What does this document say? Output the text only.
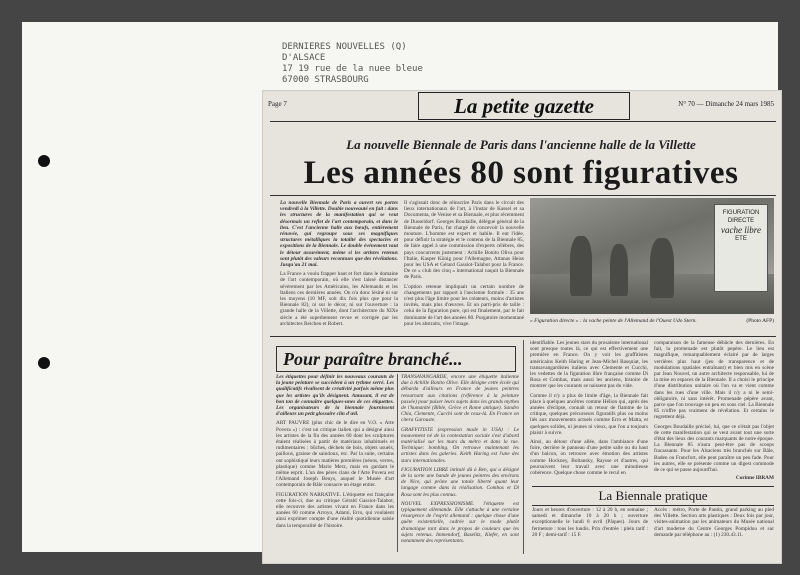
DERNIERES NOUVELLES (Q)
D'ALSACE
17 19 rue de la nuee bleue
67000 STRASBOURG
Page 7	N° 70 — Dimanche 24 mars 1985
La petite gazette
La nouvelle Biennale de Paris dans l'ancienne halle de la Villette
Les années 80 sont figuratives

La nouvelle Biennale de Paris a ouvert ses portes vendredi à la Villette. Double nouveauté en fait : dans les structures de la manifestation qui se veut désormais un reflet de l'art contemporain, et dans le lieu. C'est l'ancienne halle aux bœufs, entièrement rénovée, qui regroupe sous ses magnifiques structures métalliques la totalité des spectacles et expositions de la Biennale. Le double événement vaut le détour assurément, même si les artistes retenus sont plutôt des valeurs reconnues que des révélations. Jusqu'au 21 mai.

La France a voulu frapper haut et fort dans le domaine de l'art contemporain, où elle s'est laissé distancer sévèrement par les Américains, les Allemands et les Italiens ces dernières années. On n'a donc lésiné ni sur les moyens (10 MF, soit dix fois plus que pour la Biennale 82), ni sur le décor, ni sur l'ouverture : la grande halle de la Villette, dont l'architecture du XIXe siècle a été superbement revue et corrigée par les architectes Reichen et Robert.

Il s'agissait donc de réinscrire Paris dans le circuit des lieux internationaux de l'art, à l'instar de Kassel et sa Documenta, de Venise et sa Biennale, et plus récemment de Dusseldorf. Georges Boudaille, délégué général de la Biennale de Paris, fut chargé de concevoir la nouvelle mouture. L'homme est expert et habile. Il eut l'idée, pour définir la stratégie et le contenu de la Biennale 85, de faire appel à une commission d'experts célèbres, des pays concurrents justement : Achille Bonito Oliva pour l'Italie, Kasper König pour l'Allemagne, Attanas Heiss pour les USA et Gérard Gassiot-Talabot pour la France. De ce « club des cinq » international naquit la Biennale de Paris.

L'option retenue impliquait un certain nombre de changements par rapport à l'ancienne formule : 35 ans n'est plus l'âge limite pour les créateurs, moins d'artistes invités, mais plus d'œuvres. Et un parti-pris de taille : celui de la figuration pure, qui est finalement, par le fait dominante de l'art des années 80. Purgatoire momentané pour les abstraits, vive l'image.

FIGURATION DIRECTE
vache libre
ETE
« Figuration directe » : la vache peinte de l'Allemand de l'Ouest Udo Stern.	(Photo AFP)
Pour paraître branché...

Les étiquettes pour définir les nouveaux courants de la jeune peinture se succèdent à un rythme serré. Les qualificatifs rivalisent de créativité parfois même plus que les artistes qu'ils désignent. Amusant, il est de bon ton de connaître quelques-unes de ces étiquettes. Les organisateurs de la biennale fournissent d'ailleurs un petit glossaire clin d'œil.

ART PAUVRE (plus chic de le dire en V.O. « Arte Povera ») : c'est un critique italien qui a désigné ainsi les artistes de la fin des années 60 dont les sculptures étaient réalisées à partir de matériaux inhabituels et rudimentaires : bûches, déchets de bois, objets usuels, paillous, graisse de saindoux, etc. Par la suite, certains ont sophistiqué leurs matières premières (néons, verres, plastique) comme Mario Merz, mais en gardant le même esprit. L'un des pères clans de l'Arte Povera est l'Allemand Joseph Beuys, auquel le Musée d'art contemporain de Bâle consacre un étage entier.

FIGURATION NARRATIVE. L'étiquette est française cette fois-ci, due au critique Gérald Gassiot-Talabot, elle recouvre des artistes vivant en France dans les années 60 comme Arroyo, Adami, Erro, qui voulaient ainsi exprimer compte d'une réalité quotidienne saisie dans la temporalité de l'histoire.

TRANSAVANGARDE, encore une étiquette italienne due à Achille Bonito Olive. Elle désigne cette école qui débarda d'ailleurs en France de jeunes peintres retournant aux citations (référence à la peinture passée) pour puiser leurs sujets dans les grands mythes de l'humanité (Bible, Grèce et Rome antique). Sandro Chia, Clemente, Cucchi sont de ceux-là. En France on citera Garouste.

GRAFFITISTE (expression made in USA) : Le mouvement né de la contestation sociale s'est d'abord matérialisé sur les murs du métro et dans la rue. Technique: bombing. On retrouve maintenant les artistes dans les galeries. Keith Haring est l'une des stars internationales.

FIGURATION LIBRE intitulé dû à Ben, qui a désigné de la sorte une bande de jeunes peintres des environs de Nice, qui prône une totale liberté quant leur langage comme dans la réalisation. Combas et Di Rosa sont les plus connus.

NOUVEL EXPRESSIONISME. l'étiquette est typiquement allemande. Elle s'attache à une certaine résurgence de l'esprit allemand : quelque chose d'une quête existentielle, cadrée sur le mode plutôt dramatique tant dans le propos de couleurs que les sujets retenus. Immendorf, Baselitz, Kiefer, en sont notamment des représentants.

identifiable. Les jeunes stars du prosaïsme international sont presque toutes là, ce qui est effectivement une première en France. On y voit les graffitistes américains Keith Haring et Jean-Michel Basquiat, les transavangardistes italiens avec Clemente et Cucchi, les vedettes de la figuration libre française comme Di Rosa et Combas, mais aussi les anciens, histoire de montrer que les courants se naissent pas du vide.

Comme il n'y a plus de limite d'âge, la Biennale fait place à quelques ancêtres comme Hélion qui, après des années d'éclipse, connaît un retour de flamme de la critique, quelques précurseurs figuratifs plus ou moins liés aux mouvements actuels comme Erro et Matta, et quelques solides, ni jeunes ni vieux, que l'on a toujours plaisir à suivre.

Ainsi, au détour d'une allée, dans l'ambiance d'une foire, derrière le panneau d'une petite salle ou du haut d'un balcon, on retrouve avec émotion des artistes comme Hockney, Boltansky, Raysse et d'autres, qui poursuivent leur travail avec une minutieuse cohérence. Quelque chose comme le recul en

comparaison de la fameuse débâcle des dernières. En fait, la promenade est plutôt pepère. Le lieu est magnifique, remarquablement éclairé par de larges verrières plus haut (jeu de transparence et de modulations spatiales entraînant) et bien mis en scène par Jean Nouvel, un autre architecte responsable, lui de la mise en espaces de la Biennale. Il a choisi le principe d'une distribution unitaire où l'on va et vient comme dans les rues d'une ville. Mais il n'y a ni le semi-obligatoire, ni sans intérêt. Promenade pépère avant, parce que l'on trouvage un peu en sous ciel. La Biennale 85 n'offre pas vraiment de révélation. Et certains le regrettent déjà.

Georges Boudaille précisé, lui, que ce n'était pas l'objet de cette manifestation qui se veut avant tout une sorte d'état des lieux des courants marquants de notre époque. La Biennale 85 n'aura peut-être pas de scoops fracassants. Pour les Alsaciens très branchés sur Bâle, Baden ou Francfort, elle peut paraître un peu fade. Pour les autres, elle se présente comme un digest commode de ce qui se passe aujourd'hui.

Corinne IBRAM

La Biennale pratique
Jours et heures d'ouverture : 12 à 20 h, en semaine ; samedi et dimanche 10 à 20 h ; ouverture exceptionnelle le lundi 8 avril (Pâques). Jours de fermeture : tous les lundis. Prix d'entrée : plein tarif : 20 F ; demi-tarif : 15 F.
Accès : métro, Porte de Pantin, grand parking au pied des Villette. Section arts plastiques : Deux fois par jour, visites-animation par les animateurs du Musée national d'art moderne du Centre Georges Pompidou et sur demande par téléphone au : (1) 230.43.11.
